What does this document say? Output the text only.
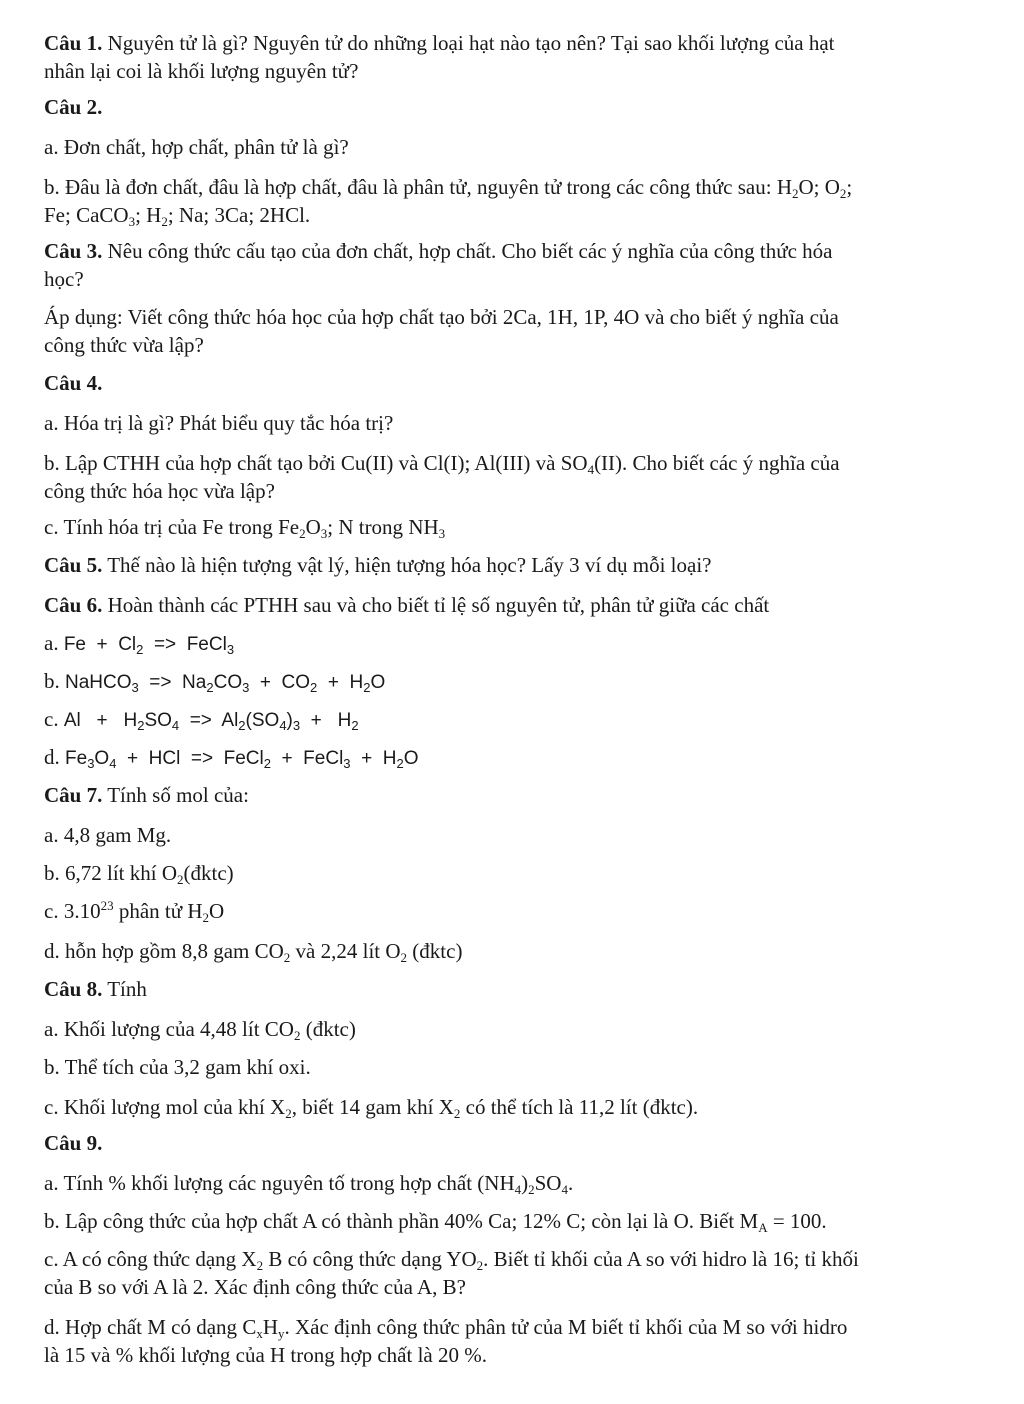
Câu 1. Nguyên tử là gì? Nguyên tử do những loại hạt nào tạo nên? Tại sao khối lượng của hạt
nhân lại coi là khối lượng nguyên tử?
Câu 2.
a. Đơn chất, hợp chất, phân tử là gì?
b. Đâu là đơn chất, đâu là hợp chất, đâu là phân tử, nguyên tử trong các công thức sau: $H_2O$; $O_2$;
Fe; CaCO$_3$; $H_2$; Na; 3Ca; 2HCl.
Câu 3. Nêu công thức cấu tạo của đơn chất, hợp chất. Cho biết các ý nghĩa của công thức hóa
học?
Áp dụng: Viết công thức hóa học của hợp chất tạo bởi 2Ca, 1H, 1P, 4O và cho biết ý nghĩa của
công thức vừa lập?
Câu 4.
a. Hóa trị là gì? Phát biểu quy tắc hóa trị?
b. Lập CTHH của hợp chất tạo bởi Cu(II) và Cl(I); Al(III) và $SO_4(II)$. Cho biết các ý nghĩa của
công thức hóa học vừa lập?
c. Tính hóa trị của Fe trong $Fe_2O_3$; N trong $NH_3$
Câu 5. Thế nào là hiện tượng vật lý, hiện tượng hóa học? Lấy 3 ví dụ mỗi loại?
Câu 6. Hoàn thành các PTHH sau và cho biết tỉ lệ số nguyên tử, phân tử giữa các chất
a. $Fe + Cl_2$  =>  FeCl$_3$
b. NaHCO$_3$  =>  $Na_2CO_3 + CO_2 + H_2O$
c. $Al + H_2SO_4 => Al_2(SO_4)_3 + H_2$
d. $Fe_3O_4$  +  HCl  =>  FeCl$_2$  +  FeCl$_3$  +  $H_2O$
Câu 7. Tính số mol của:
a. 4,8 gam Mg.
b. 6,72 lít khí $O_2(đktc)$
c. 3.10$^{23}$ phân tử $H_2O$
d. hỗn hợp gồm 8,8 gam $CO_2$ và 2,24 lít $O_2$ (đktc)
Câu 8. Tính
a. Khối lượng của 4,48 lít $CO_2$ (đktc)
b. Thể tích của 3,2 gam khí oxi.
c. Khối lượng mol của khí $X_2$, biết 14 gam khí $X_2$ có thể tích là 11,2 lít (đktc).
Câu 9.
a. Tính % khối lượng các nguyên tố trong hợp chất $(NH_4)_2SO_4$.
b. Lập công thức của hợp chất A có thành phần 40% Ca; 12% C; còn lại là O. Biết $M_A = 100$.
c. A có công thức dạng $X_2$ B có công thức dạng $YO_2$. Biết tỉ khối của A so với hidro là 16; tỉ khối
của B so với A là 2. Xác định công thức của A, B?
d. Hợp chất M có dạng $C_xH_y$. Xác định công thức phân tử của M biết tỉ khối của M so với hidro
là 15 và % khối lượng của H trong hợp chất là 20 %.
